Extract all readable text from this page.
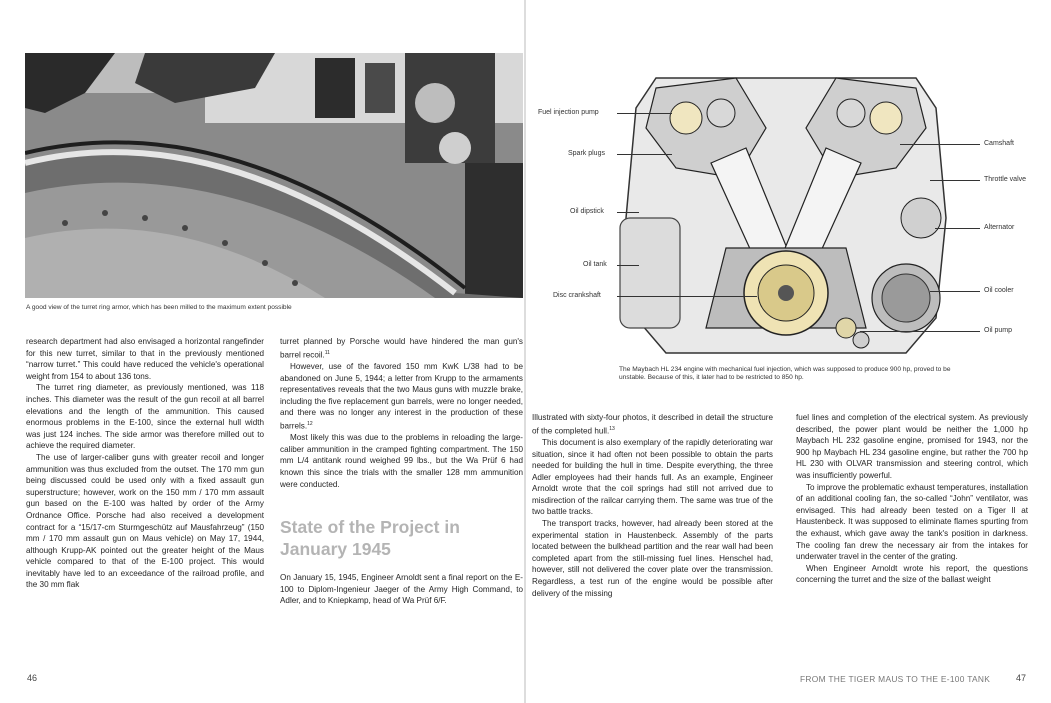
A good view of the turret ring armor, which has been milled to the maximum extent possible

research department had also envisaged a horizontal rangefinder for this new turret, similar to that in the previously mentioned “narrow turret.” This could have reduced the vehicle's operational weight from 154 to about 136 tons.

The turret ring diameter, as previously mentioned, was 118 inches. This diameter was the result of the gun recoil at all barrel elevations and the length of the ammunition. This caused enormous problems in the E-100, since the external hull width was just 124 inches. The side armor was therefore milled out to achieve the required diameter.

The use of larger-caliber guns with greater recoil and longer ammunition was thus excluded from the outset. The 170 mm gun being discussed could be used only with a fixed assault gun superstructure; however, work on the 150 mm / 170 mm assault gun based on the E-100 was halted by order of the Army Ordnance Office. Porsche had also received a development contract for a “15/17-cm Sturmgeschütz auf Mausfahrzeug” (150 mm / 170 mm assault gun on Maus vehicle) on May 17, 1944, although Krupp-AK pointed out the greater height of the Maus vehicle compared to that of the E-100 project. This would inevitably have led to an exceedance of the railroad profile, and the 30 mm flak

turret planned by Porsche would have hindered the man gun's barrel recoil.$^{11}$

However, use of the favored 150 mm KwK L/38 had to be abandoned on June 5, 1944; a letter from Krupp to the armaments representatives reveals that the two Maus guns with muzzle brake, including the five replacement gun barrels, were no longer needed, and there was no longer any interest in the production of these barrels.$^{12}$

Most likely this was due to the problems in reloading the large-caliber ammunition in the cramped fighting compartment. The 150 mm L/4 antitank round weighed 99 lbs., but the Wa Prüf 6 had known this since the trials with the smaller 128 mm ammunition were conducted.

State of the Project in
January 1945

On January 15, 1945, Engineer Arnoldt sent a final report on the E-100 to Diplom-Ingenieur Jaeger of the Army High Command, to Adler, and to Kniepkamp, head of Wa Prüf 6/F.

46
Fuel injection pump
Spark plugs
Oil dipstick
Oil tank
Disc crankshaft
Camshaft
Throttle valve
Alternator
Oil cooler
Oil pump
The Maybach HL 234 engine with mechanical fuel injection, which was supposed to produce 900 hp, proved to be unstable. Because of this, it later had to be restricted to 850 hp.

Illustrated with sixty-four photos, it described in detail the structure of the completed hull.$^{13}$

This document is also exemplary of the rapidly deteriorating war situation, since it had often not been possible to obtain the parts needed for building the hull in time. Despite everything, the three Adler employees had their hands full. As an example, Engineer Arnoldt wrote that the coil springs had still not arrived due to misdirection of the railcar carrying them. The same was true of the two battle tracks.

The transport tracks, however, had already been stored at the experimental station in Haustenbeck. Assembly of the parts located between the bulkhead partition and the rear wall had been completed apart from the still-missing fuel lines. Henschel had, however, still not delivered the cover plate over the transmission. Regardless, a test run of the engine would be possible after delivery of the missing

fuel lines and completion of the electrical system. As previously described, the power plant would be neither the 1,000 hp Maybach HL 232 gasoline engine, promised for 1943, nor the 900 hp Maybach HL 234 gasoline engine, but rather the 700 hp HL 230 with OLVAR transmission and steering control, which was insufficiently powerful.

To improve the problematic exhaust temperatures, installation of an additional cooling fan, the so-called “John” ventilator, was envisaged. This had already been tested on a Tiger II at Haustenbeck. It was supposed to eliminate flames spurting from the exhaust, which gave away the tank's position in darkness. The cooling fan drew the necessary air from the intakes for underwater travel in the center of the grating.

When Engineer Arnoldt wrote his report, the questions concerning the turret and the size of the ballast weight

FROM THE TIGER MAUS TO THE E-100 TANK	47
